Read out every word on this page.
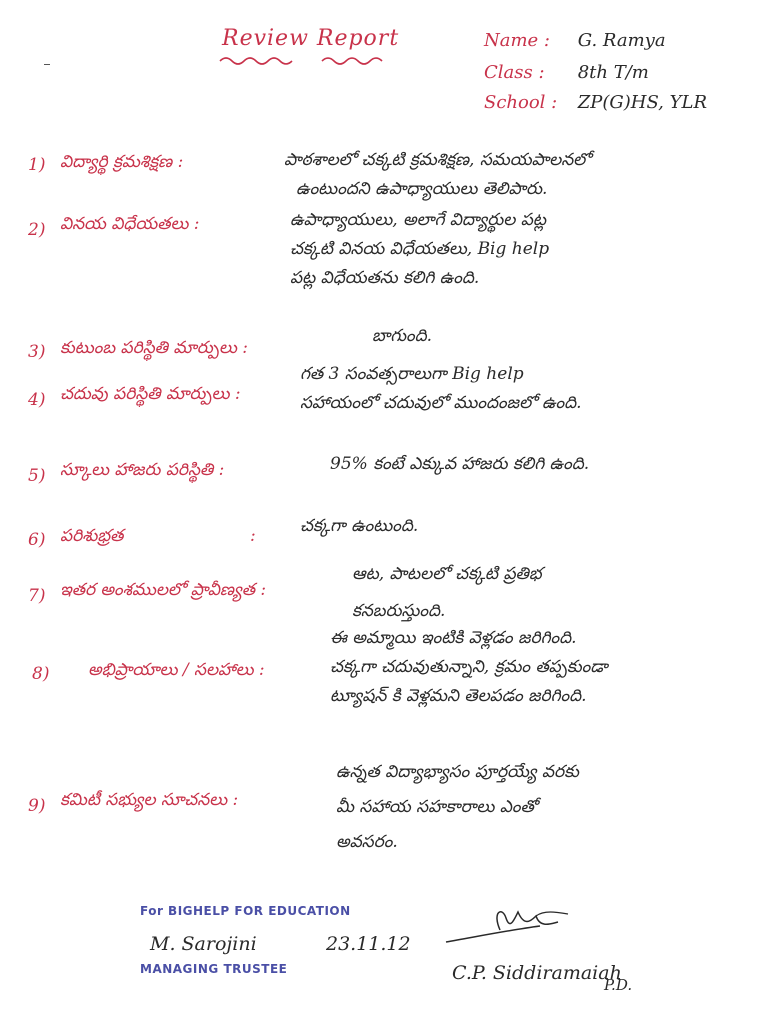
Review Report	Name : G. Ramya
Class : 8th T/m
School : ZP(G)HS, YLR
1) విద్యార్థి క్రమశిక్షణ :	పాఠశాలలో చక్కటి క్రమశిక్షణ, సమయపాలనలో
ఉంటుందని ఉపాధ్యాయులు తెలిపారు.
2) వినయ విధేయతలు :	ఉపాధ్యాయులు, అలాగే విద్యార్థుల పట్ల
చక్కటి వినయ విధేయతలు, Big help
పట్ల విధేయతను కలిగి ఉంది.
3) కుటుంబ పరిస్థితి మార్పులు :
బాగుంది.
4) చదువు పరిస్థితి మార్పులు :
గత 3 సంవత్సరాలుగా Big help
సహాయంలో చదువులో ముందంజలో ఉంది.
5) స్కూలు హాజరు పరిస్థితి :	95% కంటే ఎక్కువ హాజరు కలిగి ఉంది.
6) పరిశుభ్రత	:	చక్కగా ఉంటుంది.
7) ఇతర అంశములలో ప్రావీణ్యత :
ఆట, పాటలలో చక్కటి ప్రతిభ
కనబరుస్తుంది.
8) అభిప్రాయాలు / సలహాలు :
ఈ అమ్మాయి ఇంటికి వెళ్లడం జరిగింది.
చక్కగా చదువుతున్నాని, క్రమం తప్పకుండా
ట్యూషన్ కి వెళ్లమని తెలపడం జరిగింది.
9) కమిటీ సభ్యుల సూచనలు :
ఉన్నత విద్యాభ్యాసం పూర్తయ్యే వరకు
మీ సహాయ సహకారాలు ఎంతో
అవసరం.
For BIGHELP FOR EDUCATION
M. Sarojini	23.11.12
MANAGING TRUSTEE	C.P. Siddiramaiah
P.D.
